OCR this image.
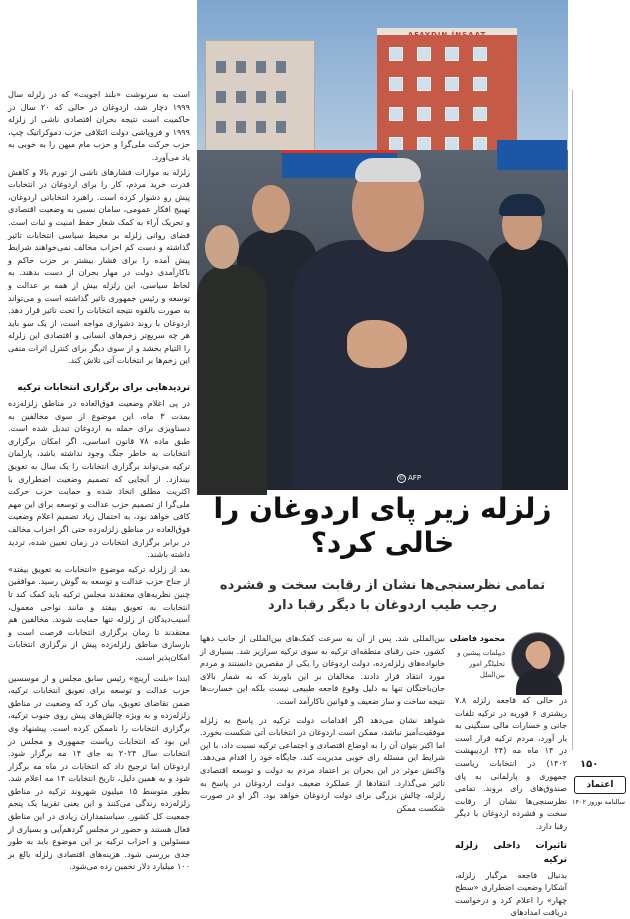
است به سرنوشت «بلند اجویت» که در زلزله سال ۱۹۹۹ دچار شد، اردوغان در حالی که ۲۰ سال در حاکمیت است نتیجه بحران اقتصادی ناشی از زلزله ۱۹۹۹ و فروپاشی دولت ائتلافی حزب دموکراتیک چپ، حزب حرکت ملی‌گرا و حزب مام میهن را به خوبی به یاد می‌آورد.

زلزله به موازات فشارهای ناشی از تورم بالا و کاهش قدرت خرید مردم، کار را برای اردوغان در انتخابات پیش رو دشوار کرده است. راهبرد انتخاباتی اردوغان، تهییج افکار عمومی، سامان نسبی به وضعیت اقتصادی و تحریک آراء به کمک شعار حفظ امنیت و ثبات است. فضای روانی زلزله بر محیط سیاسی انتخابات تاثیر گذاشته و دست کم احزاب مخالف نمی‌خواهند شرایط پیش آمده را برای فشار بیشتر بر حزب حاکم و ناکارآمدی دولت در مهار بحران از دست بدهند. به لحاظ سیاسی، این زلزله بیش از همه بر عدالت و توسعه و رئیس جمهوری تاثیر گذاشته است و می‌تواند به صورت بالقوه نتیجه انتخابات را تحت تاثیر قرار دهد. اردوغان با روند دشواری مواجه است، از یک سو باید هر چه سریع‌تر زخم‌های انسانی و اقتصادی این زلزله را التیام بخشد و از سوی دیگر برای کنترل اثرات منفی این زخم‌ها بر انتخابات آتی تلاش کند.

تردیدهایی برای برگزاری انتخابات ترکیه

در پی اعلام وضعیت فوق‌العاده در مناطق زلزله‌زده بمدت ۳ ماه، این موضوع از سوی مخالفین به دستاویزی برای حمله به اردوغان تبدیل شده است. طبق ماده ۷۸ قانون اساسی، اگر امکان برگزاری انتخابات به خاطر جنگ وجود نداشته باشد، پارلمان ترکیه می‌تواند برگزاری انتخابات را یک سال به تعویق بیندازد. از آنجایی که تصمیم وضعیت اضطراری با اکثریت مطلق اتخاذ شده و حمایت حزب حرکت ملی‌گرا از تصمیم حزب عدالت و توسعه برای این مهم کافی خواهد بود، به احتمال زیاد تصمیم اعلام وضعیت فوق‌العاده در مناطق زلزله‌زده حتی اگر احزاب مخالف در برابر برگزاری انتخابات در زمان تعیین شده، تردید داشته باشند.

بعد از زلزله ترکیه موضوع «انتخابات به تعویق بیفتد» از جناح حزب عدالت و توسعه به گوش رسید. موافقین چنین نظریه‌های معتقدند مجلس ترکیه باید کمک کند تا انتخابات به تعویق بیفتد و مانند نواحی معمول، آسیب‌دیدگان از زلزله تنها حمایت شوند. مخالفین هم معتقدند تا زمان برگزاری انتخابات فرصت است و بازسازی مناطق زلزله‌زده پیش از برگزاری انتخابات امکان‌پذیر است.

ابتدا «بلنت آرینچ» رئیس سابق مجلس و از موسسین حزب عدالت و توسعه برای تعویق انتخابات ترکیه، ضمن تقاضای تعویق، بیان کرد که وضعیت در مناطق زلزله‌زده و به ویژه چالش‌های پیش روی جنوب ترکیه، برگزاری انتخابات را ناممکن کرده است. پیشنهاد وی این بود که انتخابات ریاست جمهوری و مجلس در انتخابات سال ۲۰۲۴ به جای ۱۴ مه برگزار شود. اردوغان اما ترجیح داد که انتخابات در ماه مه برگزار شود و به همین دلیل، تاریخ انتخابات ۱۴ مه اعلام شد. بطور متوسط ۱۵ میلیون شهروند ترکیه در مناطق زلزله‌زده زندگی می‌کنند و این یعنی تقریبا یک پنجم جمعیت کل کشور. سیاستمداران زیادی در این مناطق فعال هستند و حضور در مجلس گردهم‌آیی و بسیاری از مسئولین و احزاب ترکیه بر این موضوع باید به طور جدی بررسی شود. هزینه‌های اقتصادی زلزله بالغ بر ۱۰۰ میلیارد دلار تخمین زده می‌شود.

© AFP
زلزله زیر پای اردوغان را
خالی کرد؟
تمامی نظرسنجی‌ها نشان از رقابت سخت و فشرده
رجب طیب اردوغان با دیگر رقبا دارد
محمود فاضلی
دیپلمات پیشین و تحلیلگر امور بین‌الملل

بین‌المللی شد. پس از آن به سرعت کمک‌های بین‌المللی از جانب دهها کشور، حتی رقبای منطقه‌ای ترکیه به سوی ترکیه سرازیر شد. بسیاری از خانواده‌های زلزله‌زده، دولت اردوغان را یکی از مقصرین دانستند و مردم مورد انتقاد قرار دادند. مخالفان بر این باورند که به شمار بالای جان‌باختگان تنها به دلیل وقوع فاجعه طبیعی نیست بلکه این خسارت‌ها نتیجه ساخت و ساز ضعیف و قوانین ناکارآمد است.

شواهد نشان می‌دهد اگر اقدامات دولت ترکیه در پاسخ به زلزله موفقیت‌آمیز نباشد، ممکن است اردوغان در انتخابات آتی شکست بخورد. اما اکبر بتوان آن را به اوضاع اقتصادی و اجتماعی ترکیه نسبت داد، با این شرایط این مسئله رای خوبی مدیریت کند. جایگاه خود را اقدام می‌دهد. واکنش موثر در این بحران بر اعتماد مردم به دولت و توسعه اقتصادی تاثیر می‌گذارد. انتقادها از عملکرد ضعیف دولت اردوغان در پاسخ به زلزله، چالش بزرگی برای دولت اردوغان خواهد بود. اگر او در صورت شکست ممکن

در حالی که فاجعه زلزله ۷.۸ ریشتری ۶ فوریه در ترکیه تلفات جانی و خسارات مالی سنگینی به بار آورد، مردم ترکیه قرار است در ۱۴ ماه مه (۲۴ اردیبهشت ۱۴۰۲) در انتخابات ریاست جمهوری و پارلمانی به پای صندوق‌های رای بروند. تمامی نظرسنجی‌ها نشان از رقابت سخت و فشرده اردوغان با دیگر رقبا دارد.

تاثیرات داخلی زلزله ترکیه

بدنبال فاجعه مرگبار زلزله، آشکارا وضعیت اضطراری «سطح چهار» را اعلام کرد و درخواست دریافت امدادهای

۱۵۰
اعتماد
سالنامه نوروز ۱۴۰۲
